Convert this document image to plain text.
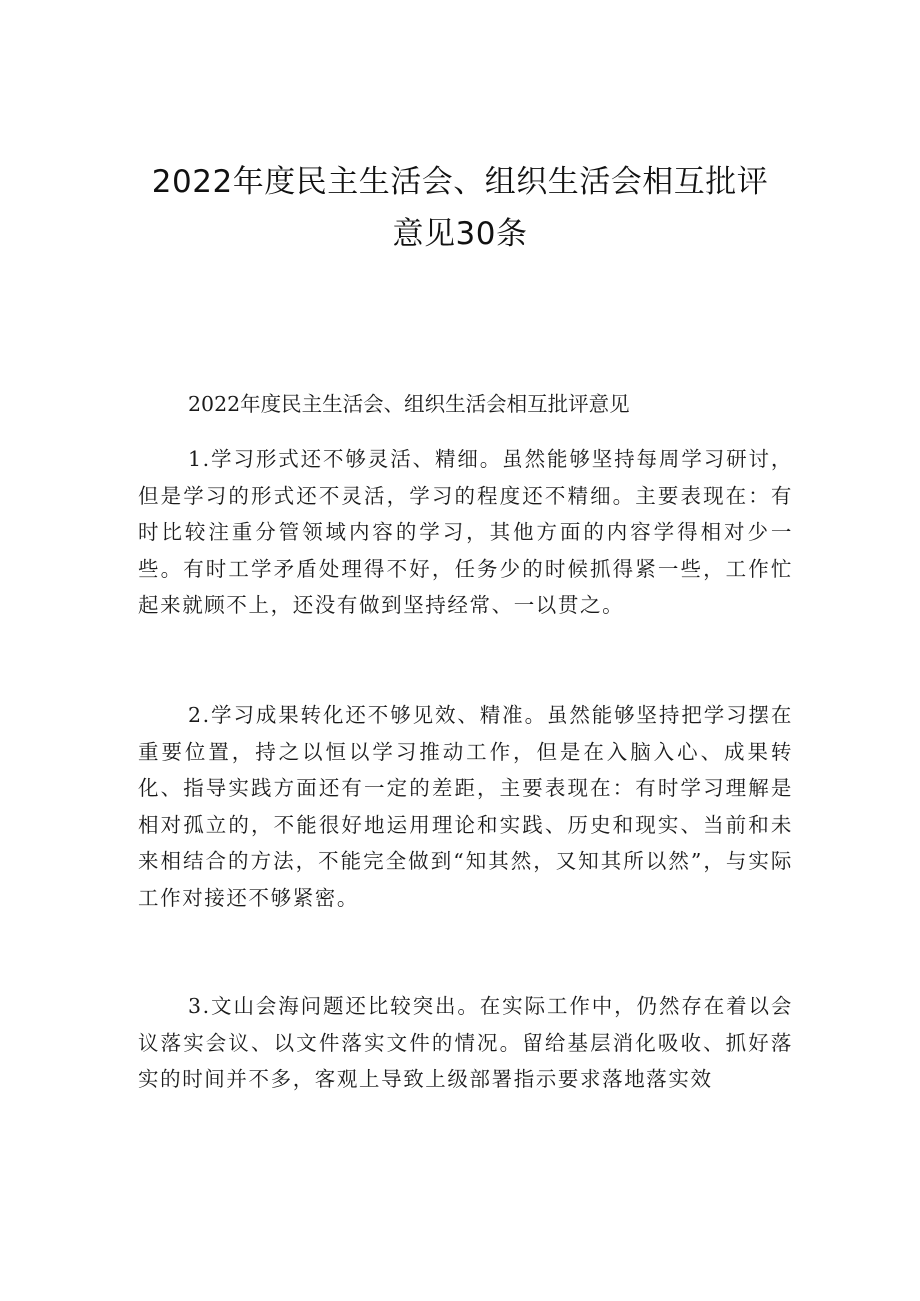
2022年度民主生活会、组织生活会相互批评
意见30条

2022年度民主生活会、组织生活会相互批评意见

1.学习形式还不够灵活、精细。虽然能够坚持每周学习研讨，但是学习的形式还不灵活，学习的程度还不精细。主要表现在：有时比较注重分管领域内容的学习，其他方面的内容学得相对少一些。有时工学矛盾处理得不好，任务少的时候抓得紧一些，工作忙起来就顾不上，还没有做到坚持经常、一以贯之。

2.学习成果转化还不够见效、精准。虽然能够坚持把学习摆在重要位置，持之以恒以学习推动工作，但是在入脑入心、成果转化、指导实践方面还有一定的差距，主要表现在：有时学习理解是相对孤立的，不能很好地运用理论和实践、历史和现实、当前和未来相结合的方法，不能完全做到“知其然，又知其所以然”，与实际工作对接还不够紧密。

3.文山会海问题还比较突出。在实际工作中，仍然存在着以会议落实会议、以文件落实文件的情况。留给基层消化吸收、抓好落实的时间并不多，客观上导致上级部署指示要求落地落实效
